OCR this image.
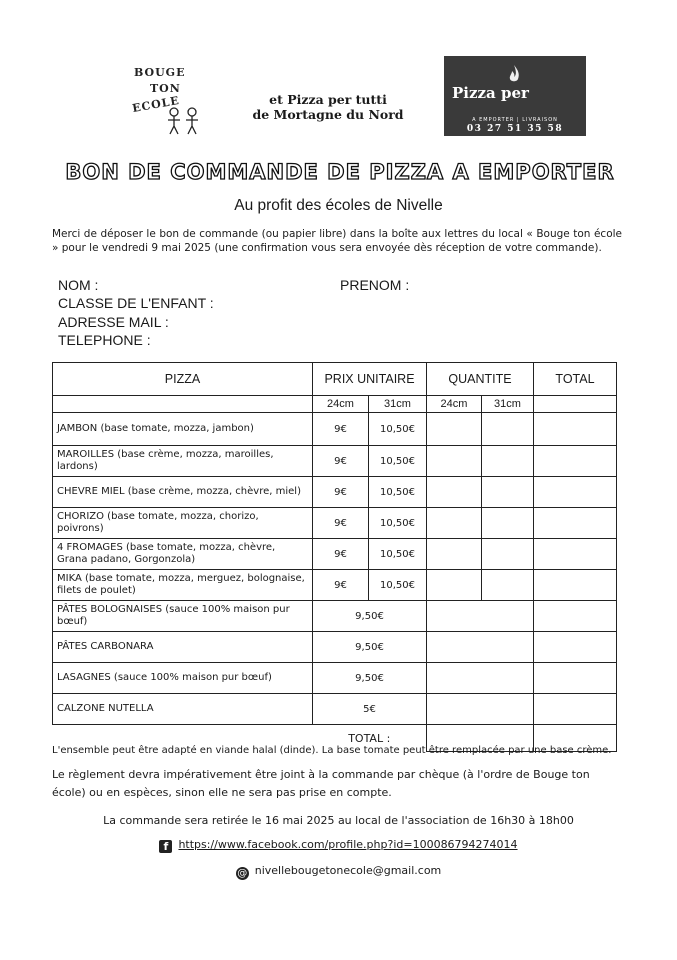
BOUGE
TON
ECOLE	et Pizza per tutti
de Mortagne du Nord
Pizza per
A EMPORTER | LIVRAISON
03 27 51 35 58
BON DE COMMANDE DE PIZZA A EMPORTER
Au profit des écoles de Nivelle
Merci de déposer le bon de commande (ou papier libre) dans la boîte aux lettres du local « Bouge ton école » pour le vendredi 9 mai 2025 (une confirmation vous sera envoyée dès réception de votre commande).
NOM :	PRENOM :
CLASSE DE L'ENFANT :
ADRESSE MAIL :
TELEPHONE :
PIZZA	PRIX UNITAIRE		QUANTITE		TOTAL
	24cm	31cm	24cm	31cm	
JAMBON (base tomate, mozza, jambon)	9€	10,50€			
MAROILLES (base crème, mozza, maroilles, lardons)	9€	10,50€			
CHEVRE MIEL (base crème, mozza, chèvre, miel)	9€	10,50€			
CHORIZO (base tomate, mozza, chorizo, poivrons)	9€	10,50€			
4 FROMAGES (base tomate, mozza, chèvre, Grana padano, Gorgonzola)	9€	10,50€			
MIKA (base tomate, mozza, merguez, bolognaise, filets de poulet)	9€	10,50€			
PÂTES BOLOGNAISES (sauce 100% maison pur bœuf)	9,50€				
PÂTES CARBONARA	9,50€				
LASAGNES (sauce 100% maison pur bœuf)	9,50€				
CALZONE NUTELLA	5€				
	TOTAL :				
L'ensemble peut être adapté en viande halal (dinde). La base tomate peut être remplacée par une base crème.
Le règlement devra impérativement être joint à la commande par chèque (à l'ordre de Bouge ton école) ou en espèces, sinon elle ne sera pas prise en compte.
La commande sera retirée le 16 mai 2025 au local de l'association de 16h30 à 18h00
f https://www.facebook.com/profile.php?id=100086794274014
@ nivellebougetonecole@gmail.com
